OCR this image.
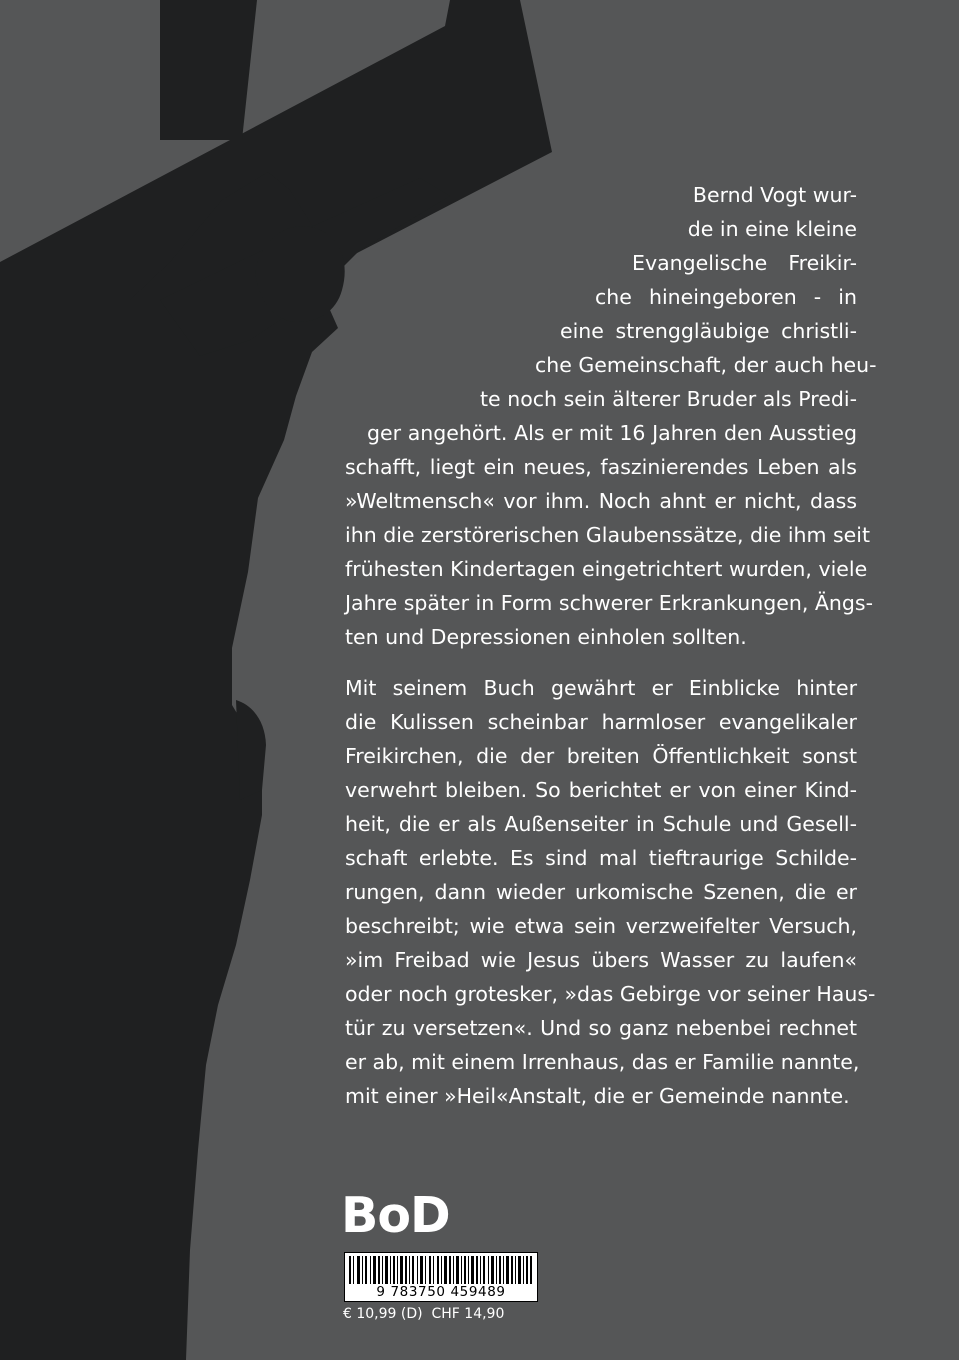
Bernd Vogt wur-
de in eine kleine
Evangelische Freikir-
che hineingeboren - in
eine strenggläubige christli-
che Gemeinschaft, der auch heu-
te noch sein älterer Bruder als Predi-
ger angehört. Als er mit 16 Jahren den Ausstieg
schafft, liegt ein neues, faszinierendes Leben als
»Weltmensch« vor ihm. Noch ahnt er nicht, dass
ihn die zerstörerischen Glaubenssätze, die ihm seit
frühesten Kindertagen eingetrichtert wurden, viele
Jahre später in Form schwerer Erkrankungen, Ängs-
ten und Depressionen einholen sollten.
Mit seinem Buch gewährt er Einblicke hinter
die Kulissen scheinbar harmloser evangelikaler
Freikirchen, die der breiten Öffentlichkeit sonst
verwehrt bleiben. So berichtet er von einer Kind-
heit, die er als Außenseiter in Schule und Gesell-
schaft erlebte. Es sind mal tieftraurige Schilde-
rungen, dann wieder urkomische Szenen, die er
beschreibt; wie etwa sein verzweifelter Versuch,
»im Freibad wie Jesus übers Wasser zu laufen«
oder noch grotesker, »das Gebirge vor seiner Haus-
tür zu versetzen«. Und so ganz nebenbei rechnet
er ab, mit einem Irrenhaus, das er Familie nannte,
mit einer »Heil«Anstalt, die er Gemeinde nannte.
BoD
9 783750 459489
€ 10,99 (D)  CHF 14,90
